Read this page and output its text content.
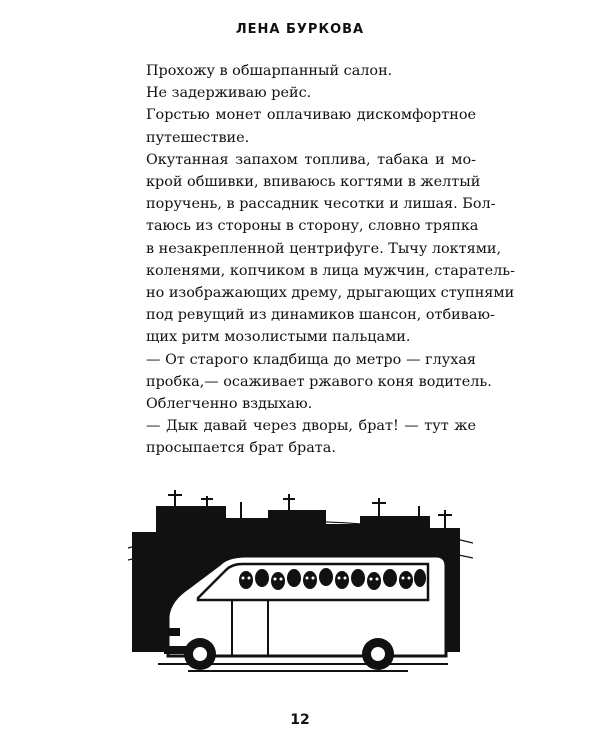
ЛЕНА БУРКОВА
Прохожу в обшарпанный салон.
Не задерживаю рейс.
Горстью монет оплачиваю дискомфортное
путешествие.
Окутанная запахом топлива, табака и мо-
крой обшивки, впиваюсь когтями в желтый
поручень, в рассадник чесотки и лишая. Бол-
таюсь из стороны в сторону, словно тряпка
в незакрепленной центрифуге. Тычу локтями,
коленями, копчиком в лица мужчин, старатель-
но изображающих дрему, дрыгающих ступнями
под ревущий из динамиков шансон, отбиваю-
щих ритм мозолистыми пальцами.
— От старого кладбища до метро — глухая
пробка,— осаживает ржавого коня водитель.
Облегченно вздыхаю.
— Дык давай через дворы, брат! — тут же
просыпается брат брата.
12
